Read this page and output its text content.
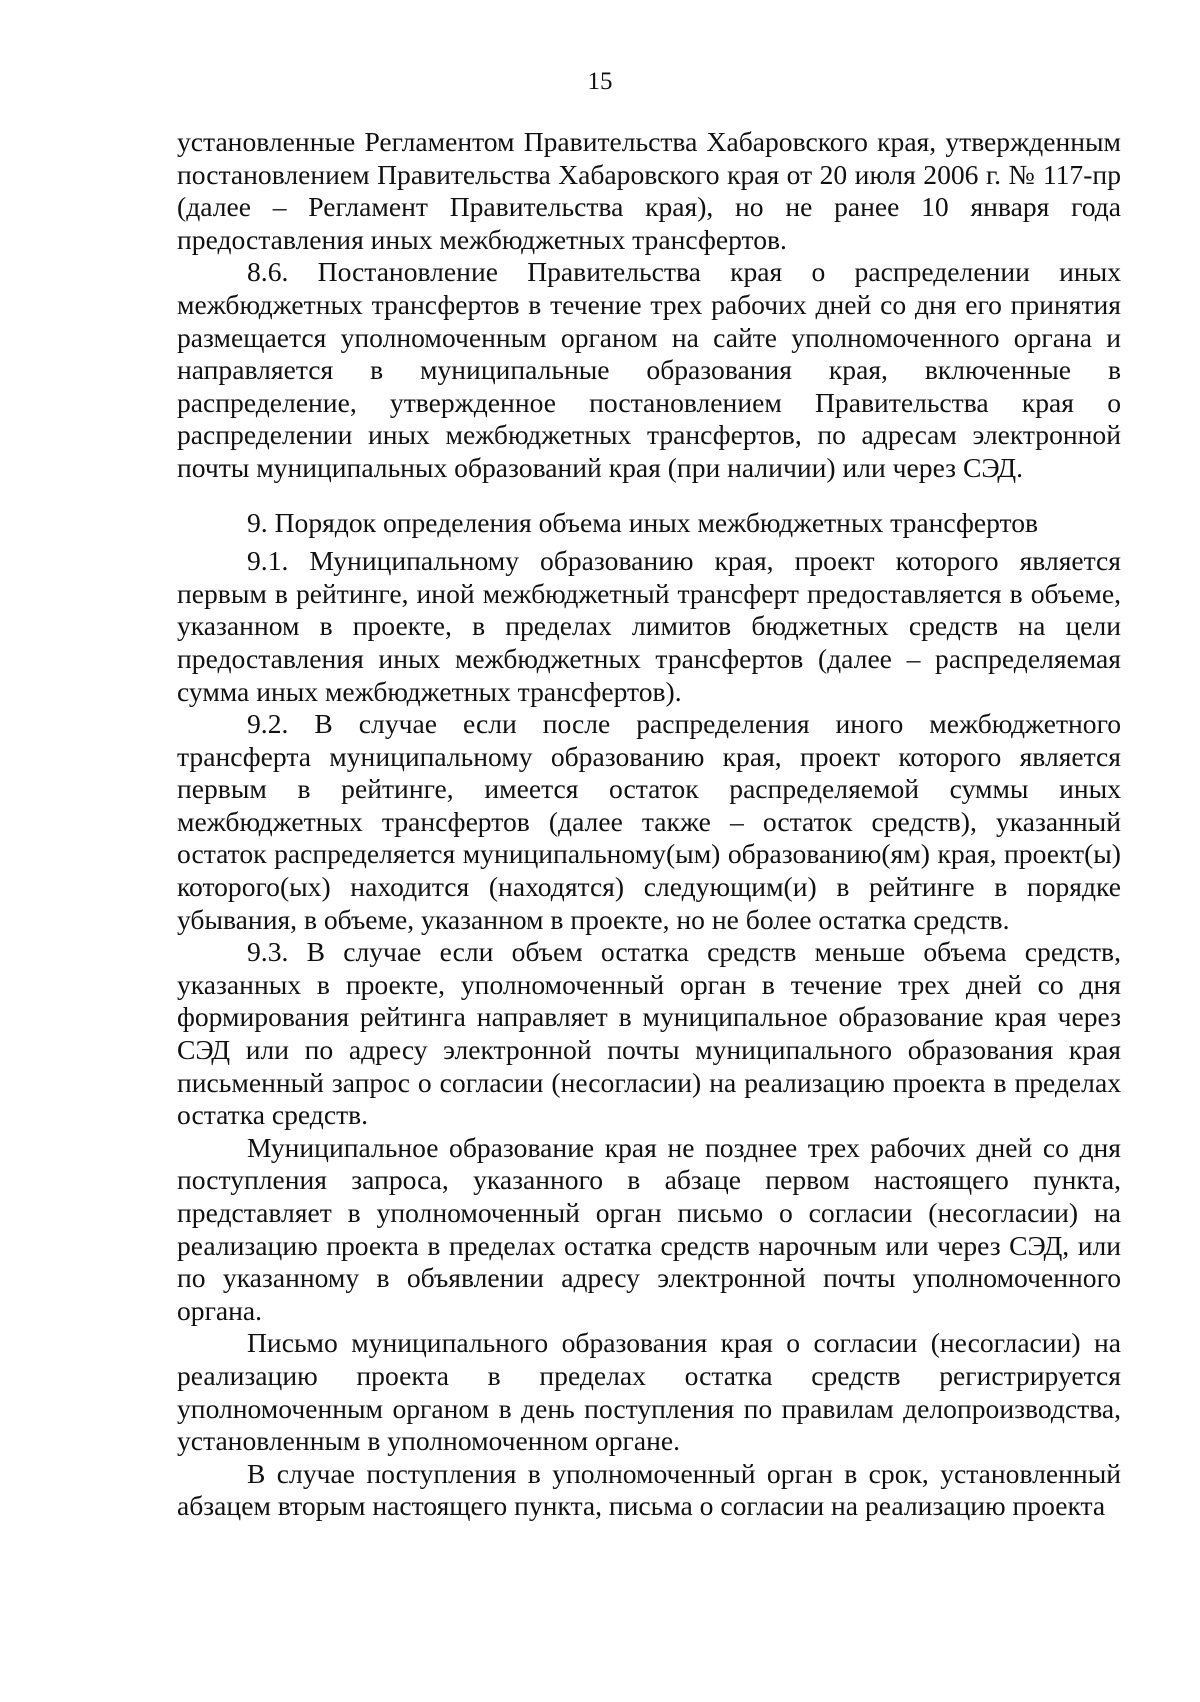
15

установленные Регламентом Правительства Хабаровского края, утвержденным постановлением Правительства Хабаровского края от 20 июля 2006 г. № 117-пр (далее – Регламент Правительства края), но не ранее 10 января года предоставления иных межбюджетных трансфертов.

8.6. Постановление Правительства края о распределении иных межбюджетных трансфертов в течение трех рабочих дней со дня его принятия размещается уполномоченным органом на сайте уполномоченного органа и направляется в муниципальные образования края, включенные в распределение, утвержденное постановлением Правительства края о распределении иных межбюджетных трансфертов, по адресам электронной почты муниципальных образований края (при наличии) или через СЭД.

9. Порядок определения объема иных межбюджетных трансфертов

9.1. Муниципальному образованию края, проект которого является первым в рейтинге, иной межбюджетный трансферт предоставляется в объеме, указанном в проекте, в пределах лимитов бюджетных средств на цели предоставления иных межбюджетных трансфертов (далее – распределяемая сумма иных межбюджетных трансфертов).

9.2. В случае если после распределения иного межбюджетного трансферта муниципальному образованию края, проект которого является первым в рейтинге, имеется остаток распределяемой суммы иных межбюджетных трансфертов (далее также – остаток средств), указанный остаток распределяется муниципальному(ым) образованию(ям) края, проект(ы) которого(ых) находится (находятся) следующим(и) в рейтинге в порядке убывания, в объеме, указанном в проекте, но не более остатка средств.

9.3. В случае если объем остатка средств меньше объема средств, указанных в проекте, уполномоченный орган в течение трех дней со дня формирования рейтинга направляет в муниципальное образование края через СЭД или по адресу электронной почты муниципального образования края письменный запрос о согласии (несогласии) на реализацию проекта в пределах остатка средств.

Муниципальное образование края не позднее трех рабочих дней со дня поступления запроса, указанного в абзаце первом настоящего пункта, представляет в уполномоченный орган письмо о согласии (несогласии) на реализацию проекта в пределах остатка средств нарочным или через СЭД, или по указанному в объявлении адресу электронной почты уполномоченного органа.

Письмо муниципального образования края о согласии (несогласии) на реализацию проекта в пределах остатка средств регистрируется уполномоченным органом в день поступления по правилам делопроизводства, установленным в уполномоченном органе.

В случае поступления в уполномоченный орган в срок, установленный абзацем вторым настоящего пункта, письма о согласии на реализацию проекта
